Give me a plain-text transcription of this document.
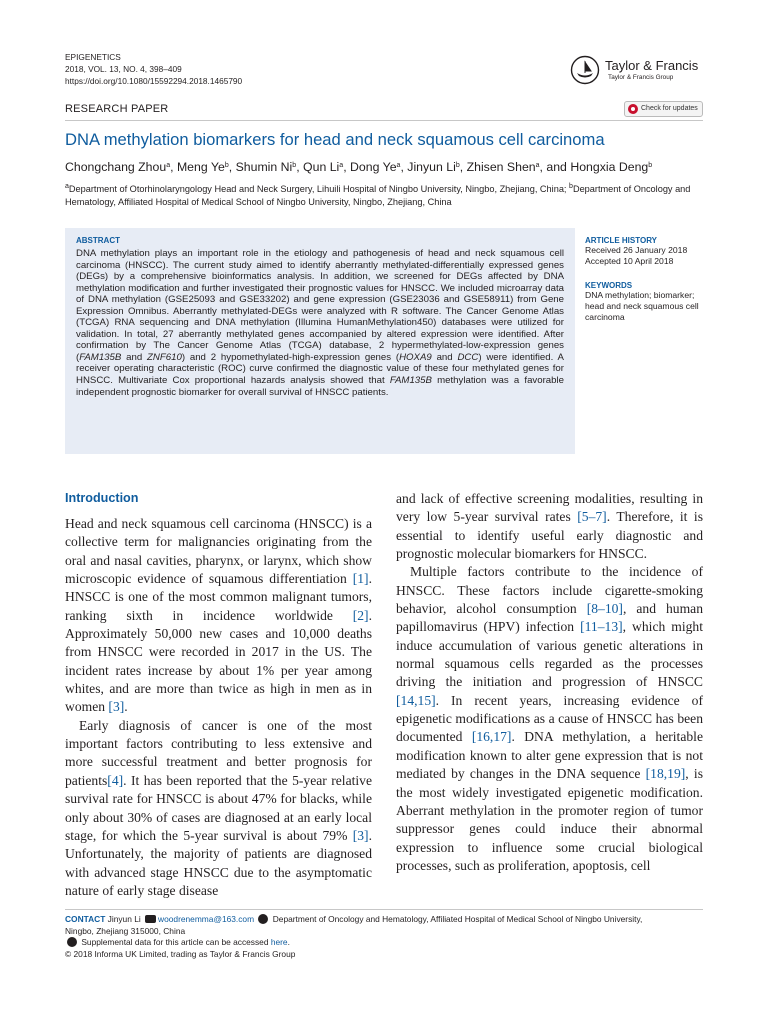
EPIGENETICS
2018, VOL. 13, NO. 4, 398–409
https://doi.org/10.1080/15592294.2018.1465790
Taylor & Francis
Taylor & Francis Group
RESEARCH PAPER	Check for updates
DNA methylation biomarkers for head and neck squamous cell carcinoma
Chongchang Zhou$^a$, Meng Ye$^b$, Shumin Ni$^b$, Qun Li$^a$, Dong Ye$^a$, Jinyun Li$^b$, Zhisen Shen$^a$, and Hongxia Deng$^b$
$^a$Department of Otorhinolaryngology Head and Neck Surgery, Lihuili Hospital of Ningbo University, Ningbo, Zhejiang, China; $^b$Department of Oncology and Hematology, Affiliated Hospital of Medical School of Ningbo University, Ningbo, Zhejiang, China
ABSTRACT
DNA methylation plays an important role in the etiology and pathogenesis of head and neck squamous cell carcinoma (HNSCC). The current study aimed to identify aberrantly methylated-differentially expressed genes (DEGs) by a comprehensive bioinformatics analysis. In addition, we screened for DEGs affected by DNA methylation modification and further investigated their prognostic values for HNSCC. We included microarray data of DNA methylation (GSE25093 and GSE33202) and gene expression (GSE23036 and GSE58911) from Gene Expression Omnibus. Aberrantly methylated-DEGs were analyzed with R software. The Cancer Genome Atlas (TCGA) RNA sequencing and DNA methylation (Illumina HumanMethylation450) databases were utilized for validation. In total, 27 aberrantly methylated genes accompanied by altered expression were identified. After confirmation by The Cancer Genome Atlas (TCGA) database, 2 hypermethylated-low-expression genes (FAM135B and ZNF610) and 2 hypomethylated-high-expression genes (HOXA9 and DCC) were identified. A receiver operating characteristic (ROC) curve confirmed the diagnostic value of these four methylated genes for HNSCC. Multivariate Cox proportional hazards analysis showed that FAM135B methylation was a favorable independent prognostic biomarker for overall survival of HNSCC patients.
ARTICLE HISTORY
Received 26 January 2018
Accepted 10 April 2018
KEYWORDS
DNA methylation; biomarker; head and neck squamous cell carcinoma
Introduction

Head and neck squamous cell carcinoma (HNSCC) is a collective term for malignancies originating from the oral and nasal cavities, pharynx, or larynx, which show microscopic evidence of squamous differentiation [1]. HNSCC is one of the most common malignant tumors, ranking sixth in incidence worldwide [2]. Approximately 50,000 new cases and 10,000 deaths from HNSCC were recorded in 2017 in the US. The incident rates increase by about 1% per year among whites, and are more than twice as high in men as in women [3].

Early diagnosis of cancer is one of the most important factors contributing to less extensive and more successful treatment and better prognosis for patients[4]. It has been reported that the 5-year relative survival rate for HNSCC is about 47% for blacks, while only about 30% of cases are diagnosed at an early local stage, for which the 5-year survival is about 79% [3]. Unfortunately, the majority of patients are diagnosed with advanced stage HNSCC due to the asymptomatic nature of early stage disease

and lack of effective screening modalities, resulting in very low 5-year survival rates [5–7]. Therefore, it is essential to identify useful early diagnostic and prognostic molecular biomarkers for HNSCC.

Multiple factors contribute to the incidence of HNSCC. These factors include cigarette-smoking behavior, alcohol consumption [8–10], and human papillomavirus (HPV) infection [11–13], which might induce accumulation of various genetic alterations in normal squamous cells regarded as the processes driving the initiation and progression of HNSCC [14,15]. In recent years, increasing evidence of epigenetic modifications as a cause of HNSCC has been documented [16,17]. DNA methylation, a heritable modification known to alter gene expression that is not mediated by changes in the DNA sequence [18,19], is the most widely investigated epigenetic modification. Aberrant methylation in the promoter region of tumor suppressor genes could induce their abnormal expression to influence some crucial biological processes, such as proliferation, apoptosis, cell

CONTACT Jinyun Li woodrenemma@163.com  Department of Oncology and Hematology, Affiliated Hospital of Medical School of Ningbo University,
Ningbo, Zhejiang 315000, China
Supplemental data for this article can be accessed here.
© 2018 Informa UK Limited, trading as Taylor & Francis Group
